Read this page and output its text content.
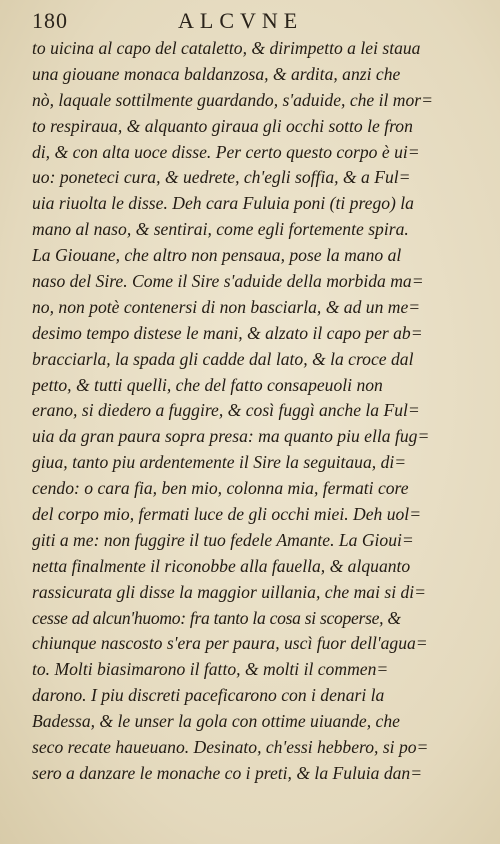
180	ALCVNE
to uicina al capo del cataletto, & dirimpetto a lei staua
una giouane monaca baldanzosa, & ardita, anzi che
nò, laquale sottilmente guardando, s'aduide, che il mor=
to respiraua, & alquanto giraua gli occhi sotto le fron
di, & con alta uoce disse. Per certo questo corpo è ui=
uo: poneteci cura, & uedrete, ch'egli soffia, & a Ful=
uia riuolta le disse. Deh cara Fuluia poni (ti prego) la
mano al naso, & sentirai, come egli fortemente spira.
La Giouane, che altro non pensaua, pose la mano al
naso del Sire. Come il Sire s'aduide della morbida ma=
no, non potè contenersi di non basciarla, & ad un me=
desimo tempo distese le mani, & alzato il capo per ab=
bracciarla, la spada gli cadde dal lato, & la croce dal
petto, & tutti quelli, che del fatto consapeuoli non
erano, si diedero a fuggire, & così fuggì anche la Ful=
uia da gran paura sopra presa: ma quanto piu ella fug=
giua, tanto piu ardentemente il Sire la seguitaua, di=
cendo: o cara fia, ben mio, colonna mia, fermati core
del corpo mio, fermati luce de gli occhi miei. Deh uol=
giti a me: non fuggire il tuo fedele Amante. La Gioui=
netta finalmente il riconobbe alla fauella, & alquanto
rassicurata gli disse la maggior uillania, che mai si di=
cesse ad alcun'huomo: fra tanto la cosa si scoperse, &
chiunque nascosto s'era per paura, uscì fuor dell'agua=
to. Molti biasimarono il fatto, & molti il commen=
darono. I piu discreti paceficarono con i denari la
Badessa, & le unser la gola con ottime uiuande, che
seco recate haueuano. Desinato, ch'essi hebbero, si po=
sero a danzare le monache co i preti, & la Fuluia dan=
